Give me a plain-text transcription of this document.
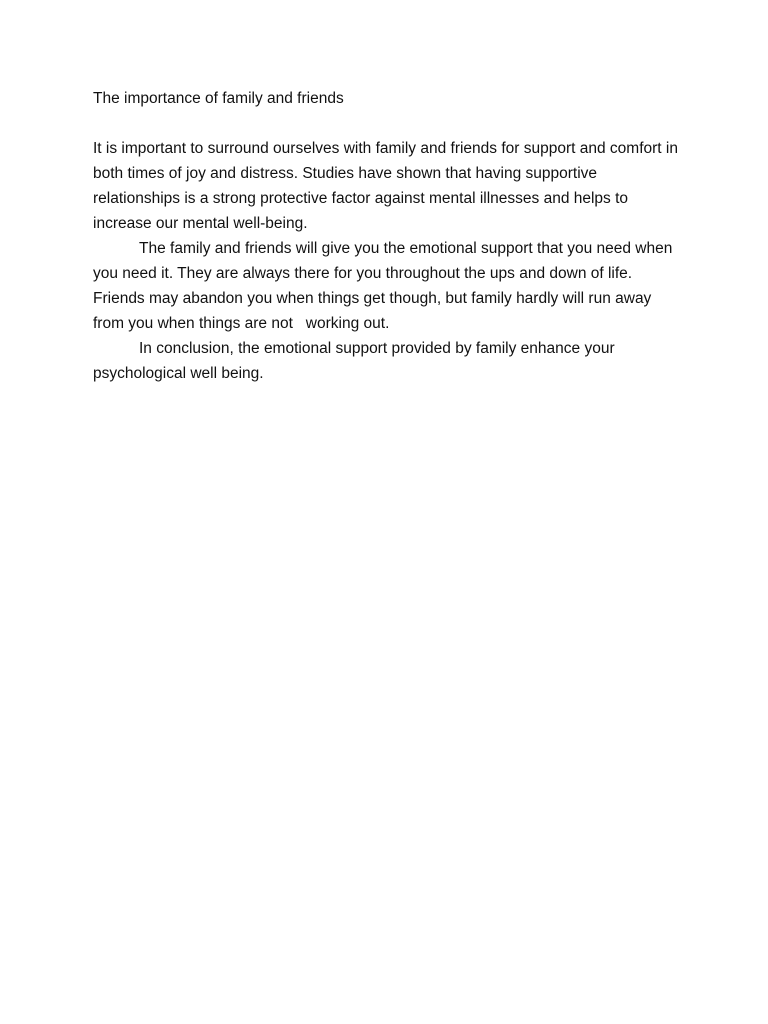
The importance of family and friends

It is important to surround ourselves with family and friends for support and comfort in both times of joy and distress. Studies have shown that having supportive relationships is a strong protective factor against mental illnesses and helps to increase our mental well-being.

The family and friends will give you the emotional support that you need when you need it. They are always there for you throughout the ups and down of life. Friends may abandon you when things get though, but family hardly will run away from you when things are not   working out.

In conclusion, the emotional support provided by family enhance your psychological well being.
